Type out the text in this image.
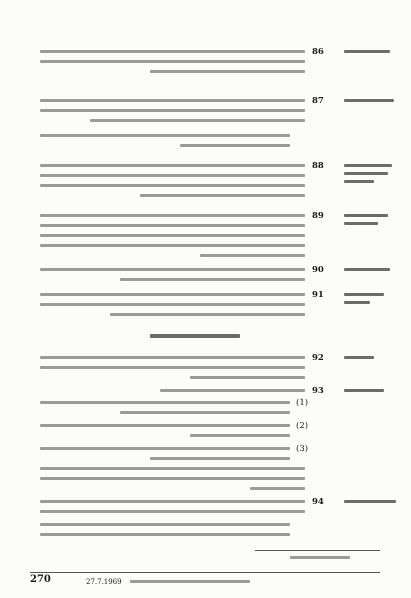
86
87
88
89
90
91
92
93
94
(1)
(2)
(3)
270	27.7.1969
